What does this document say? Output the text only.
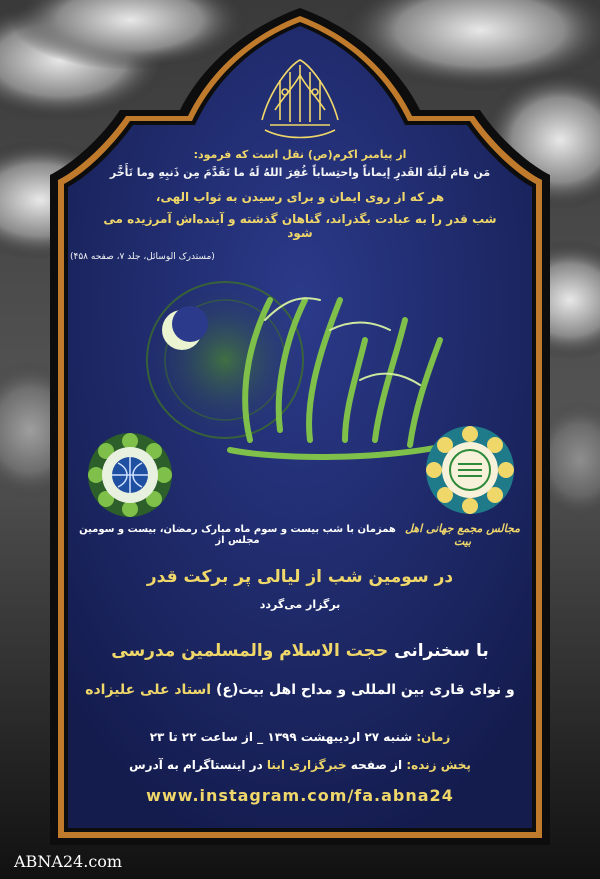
از پیامبر اکرم(ص) نقل است که فرمود:
مَن قامَ لَیلَةَ القَدرِ إیماناً واحتِساباً غُفِرَ اللهُ لَهُ ما تَقَدَّمَ مِن ذَنبِهِ وما تَأَخَّر
هر که از روی ایمان و برای رسیدن به ثواب الهی،
شب قدر را به عبادت بگذراند، گناهان گذشته و آینده‌اش آمرزیده می شود
(مستدرک الوسائل، جلد ۷، صفحه ۴۵۸)
همزمان با شب بیست و سوم ماه مبارک رمضان، بیست و سومین مجلس از
مجالس مجمع جهانی اهل بیت
در سومین شب از لیالی پر برکت قدر
برگزار می‌گردد
با سخنرانی حجت الاسلام والمسلمین مدرسی
و نوای قاری بین المللی و مداح اهل بیت(ع) استاد علی علیزاده
زمان: شنبه ۲۷ اردیبهشت ۱۳۹۹ _ از ساعت ۲۲ تا ۲۳
پخش زنده: از صفحه خبرگزاری ابنا در اینستاگرام به آدرس
www.instagram.com/fa.abna24
ABNA24.com
